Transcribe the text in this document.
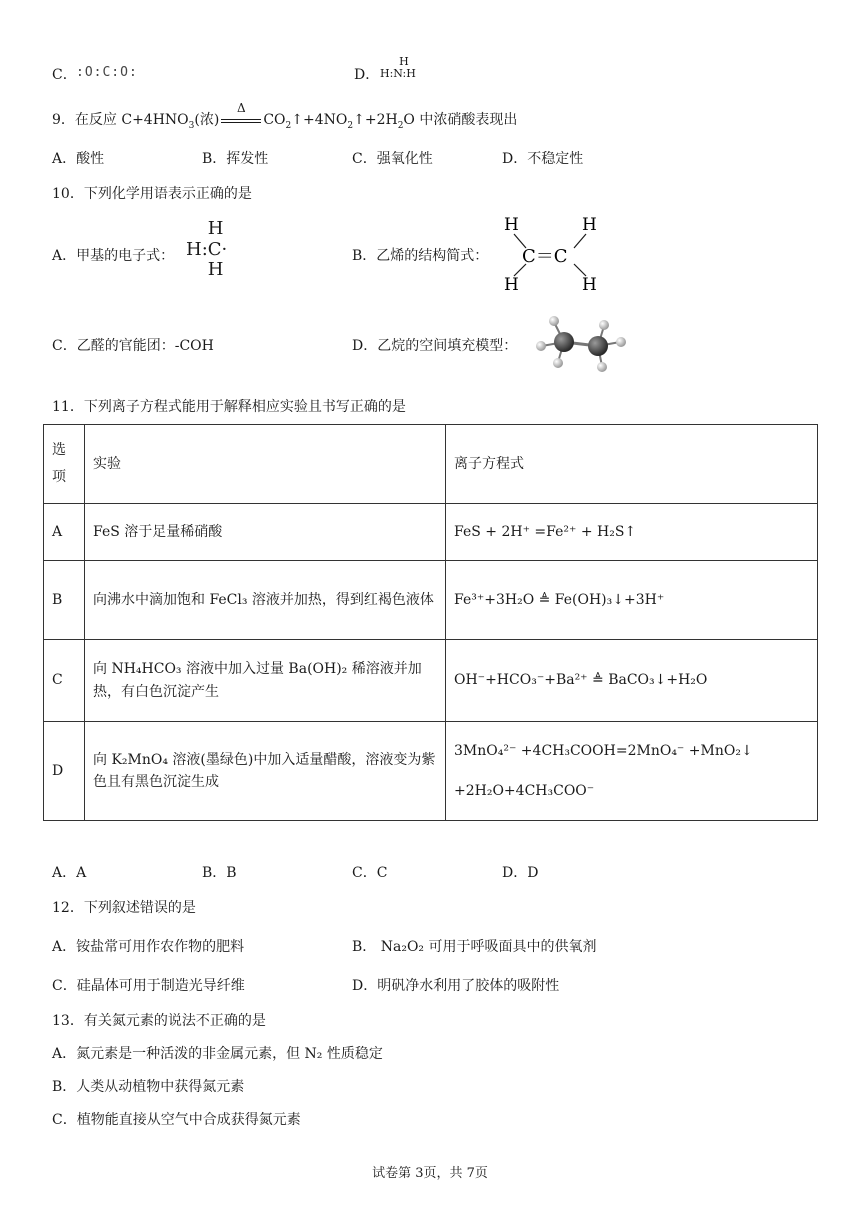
C． :O:C:O:	D．
H
H:N:H
9．在反应 $C+4HNO_3$(浓)
Δ
$CO_2↑+4NO_2↑+2H_2O$ 中浓硝酸表现出
A．酸性	B．挥发性	C．强氧化性	D．不稳定性
10．下列化学用语表示正确的是
A．甲基的电子式：
H
H:C·
H
B．乙烯的结构简式：
H	H
H	H
C＝C
C．乙醛的官能团：-COH	D．乙烷的空间填充模型：
11．下列离子方程式能用于解释相应实验且书写正确的是
选项	实验	离子方程式
A	FeS 溶于足量稀硝酸	FeS + 2H⁺ =Fe²⁺ + H₂S↑
B	向沸水中滴加饱和 FeCl₃ 溶液并加热，得到红褐色液体	Fe³⁺+3H₂O ≜ Fe(OH)₃↓+3H⁺
C	向 NH₄HCO₃ 溶液中加入过量 Ba(OH)₂ 稀溶液并加热，有白色沉淀产生	OH⁻+HCO₃⁻+Ba²⁺ ≜ BaCO₃↓+H₂O
D	向 K₂MnO₄ 溶液(墨绿色)中加入适量醋酸，溶液变为紫色且有黑色沉淀生成	3MnO₄²⁻ +4CH₃COOH=2MnO₄⁻ +MnO₂↓
+2H₂O+4CH₃COO⁻
A．A	B．B	C．C	D．D
12．下列叙述错误的是
A．铵盐常可用作农作物的肥料	B． Na₂O₂ 可用于呼吸面具中的供氧剂
C．硅晶体可用于制造光导纤维	D．明矾净水利用了胶体的吸附性
13．有关氮元素的说法不正确的是
A．氮元素是一种活泼的非金属元素，但 N₂ 性质稳定
B．人类从动植物中获得氮元素
C．植物能直接从空气中合成获得氮元素
试卷第 3页，共 7页
